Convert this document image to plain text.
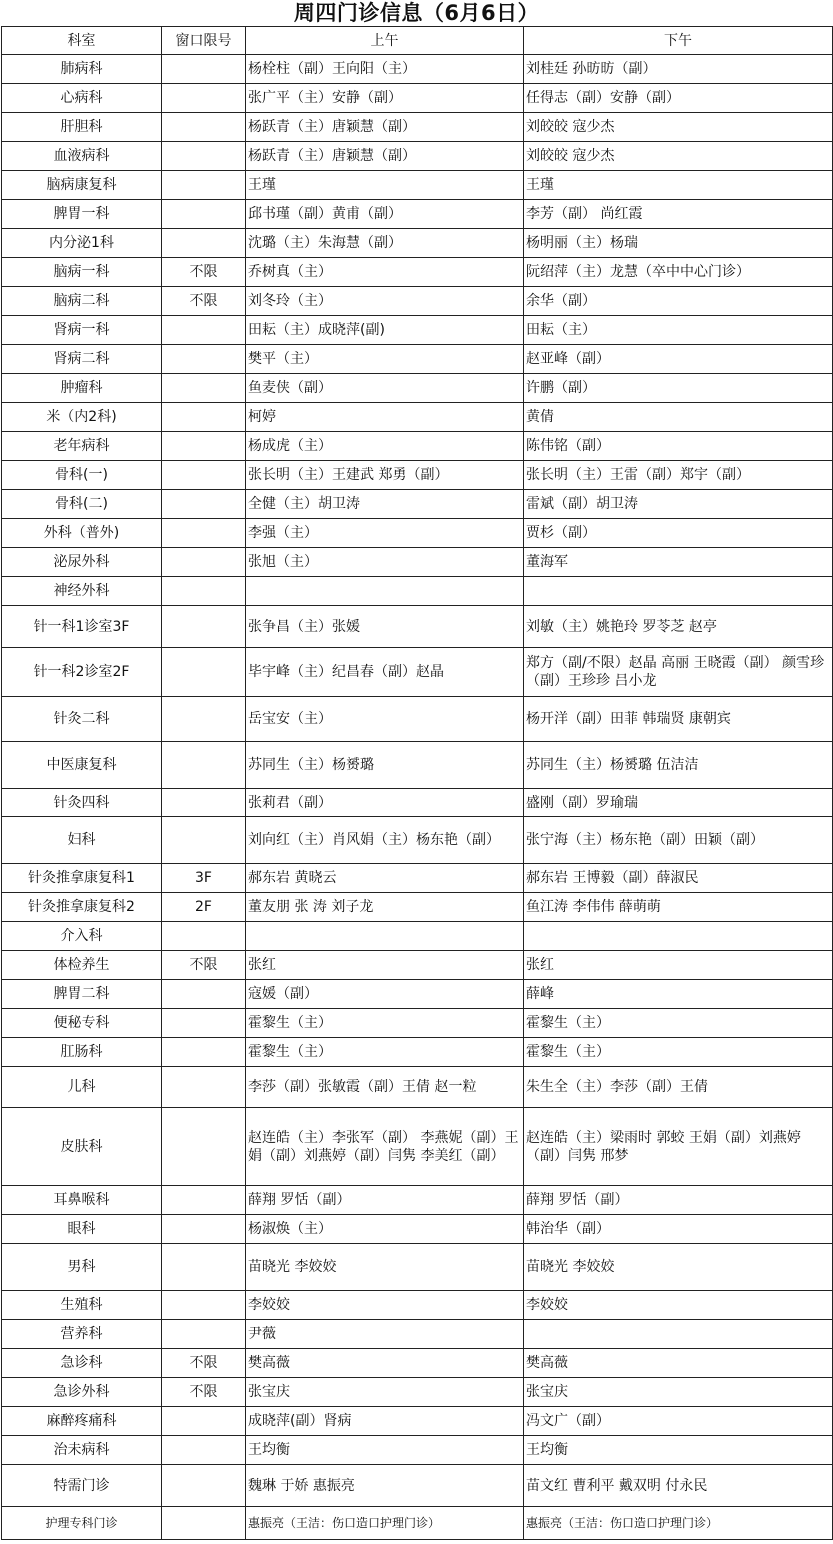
周四门诊信息（6月6日）
科室	窗口限号	上午	下午
肺病科		杨栓柱（副）王向阳（主）	刘桂廷 孙昉昉（副）
心病科		张广平（主）安静（副）	任得志（副）安静（副）
肝胆科		杨跃青（主）唐颖慧（副）	刘皎皎 寇少杰
血液病科		杨跃青（主）唐颖慧（副）	刘皎皎 寇少杰
脑病康复科		王瑾	王瑾
脾胃一科		邱书瑾（副）黄甫（副）	李芳（副） 尚红霞
内分泌1科		沈璐（主）朱海慧（副）	杨明丽（主）杨瑞
脑病一科	不限	乔树真（主）	阮绍萍（主）龙慧（卒中中心门诊）
脑病二科	不限	刘冬玲（主）	余华（副）
肾病一科		田耘（主）成晓萍(副)	田耘（主）
肾病二科		樊平（主）	赵亚峰（副）
肿瘤科		鱼麦侠（副）	许鹏（副）
米（内2科)		柯婷	黄倩
老年病科		杨成虎（主）	陈伟铭（副）
骨科(一)		张长明（主）王建武 郑勇（副）	张长明（主）王雷（副）郑宇（副）
骨科(二)		全健（主）胡卫涛	雷斌（副）胡卫涛
外科（普外)		李强（主）	贾杉（副）
泌尿外科		张旭（主）	董海军
神经外科			
针一科1诊室3F		张争昌（主）张媛	刘敏（主）姚艳玲 罗苓芝 赵亭
针一科2诊室2F		毕宇峰（主）纪昌春（副）赵晶	郑方（副/不限）赵晶 高丽 王晓霞（副） 颜雪珍（副）王珍珍 吕小龙
针灸二科		岳宝安（主）	杨开洋（副）田菲 韩瑞贤 康朝宾
中医康复科		苏同生（主）杨赟璐	苏同生（主）杨赟璐 伍洁洁
针灸四科		张莉君（副）	盛刚（副）罗瑜瑞
妇科		刘向红（主）肖风娟（主）杨东艳（副）	张宁海（主）杨东艳（副）田颖（副）
针灸推拿康复科1	3F	郝东岩 黄晓云	郝东岩 王博毅（副）薛淑民
针灸推拿康复科2	2F	董友朋 张 涛 刘子龙	鱼江涛 李伟伟 薛萌萌
介入科			
体检养生	不限	张红	张红
脾胃二科		寇媛（副）	薛峰
便秘专科		霍黎生（主）	霍黎生（主）
肛肠科		霍黎生（主）	霍黎生（主）
儿科		李莎（副）张敏霞（副）王倩 赵一粒	朱生全（主）李莎（副）王倩
皮肤科		赵连皓（主）李张军（副） 李燕妮（副）王娟（副）刘燕婷（副）闫隽 李美红（副）	赵连皓（主）梁雨时 郭蛟 王娟（副）刘燕婷（副）闫隽 邢梦
耳鼻喉科		薛翔 罗恬（副）	薛翔 罗恬（副）
眼科		杨淑焕（主）	韩治华（副）
男科		苗晓光 李姣姣	苗晓光 李姣姣
生殖科		李姣姣	李姣姣
营养科		尹薇	
急诊科	不限	樊高薇	樊高薇
急诊外科	不限	张宝庆	张宝庆
麻醉疼痛科		成晓萍(副）肾病	冯文广（副）
治未病科		王均衡	王均衡
特需门诊		魏琳 于娇 惠振亮	苗文红 曹利平 戴双明 付永民
护理专科门诊		惠振亮（王洁：伤口造口护理门诊）	惠振亮（王洁：伤口造口护理门诊）
